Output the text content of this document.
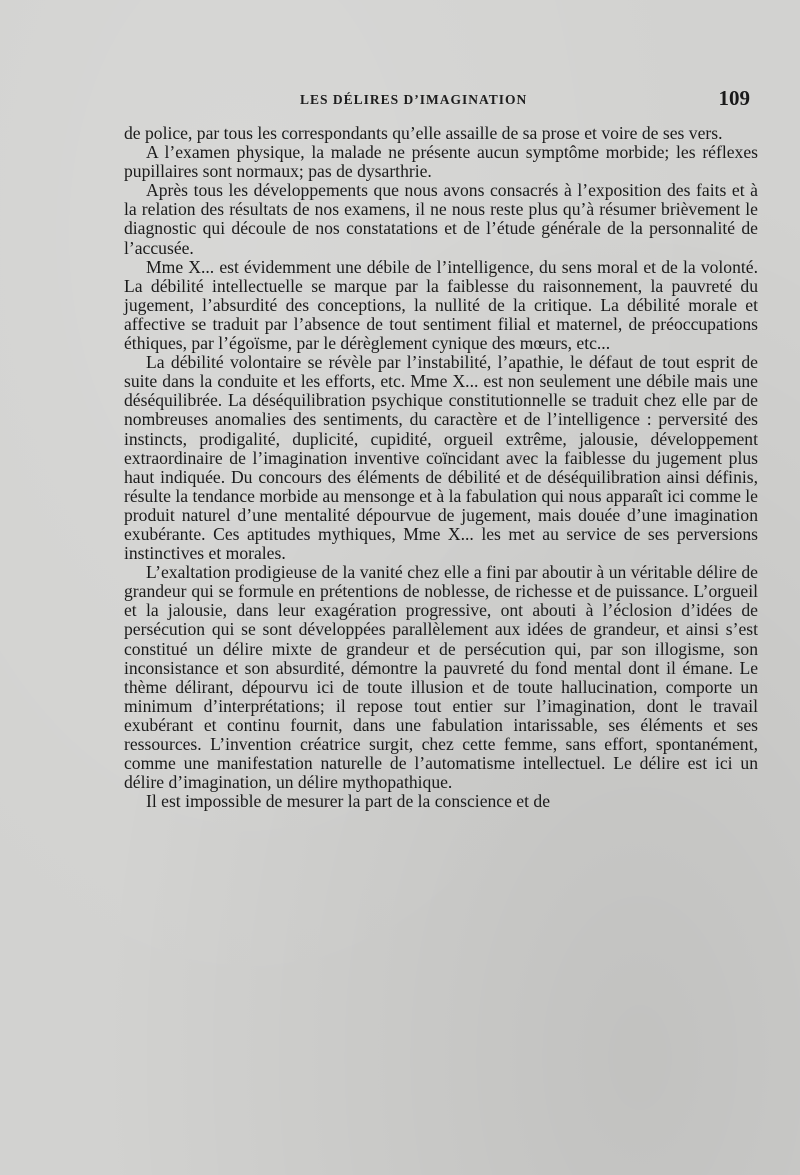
LES DÉLIRES D’IMAGINATION	109

de police, par tous les correspondants qu’elle assaille de sa prose et voire de ses vers.

A l’examen physique, la malade ne présente aucun symptôme morbide; les réflexes pupillaires sont normaux; pas de dysarthrie.

Après tous les développements que nous avons consacrés à l’exposition des faits et à la relation des résultats de nos examens, il ne nous reste plus qu’à résumer brièvement le diagnostic qui découle de nos constatations et de l’étude générale de la personnalité de l’accusée.

Mme X... est évidemment une débile de l’intelligence, du sens moral et de la volonté. La débilité intellectuelle se marque par la faiblesse du raisonnement, la pauvreté du jugement, l’absurdité des conceptions, la nullité de la critique. La débilité morale et affective se traduit par l’absence de tout sentiment filial et maternel, de préoccupations éthiques, par l’égoïsme, par le dérèglement cynique des mœurs, etc...

La débilité volontaire se révèle par l’instabilité, l’apathie, le défaut de tout esprit de suite dans la conduite et les efforts, etc. Mme X... est non seulement une débile mais une déséquilibrée. La déséquilibration psychique constitutionnelle se traduit chez elle par de nombreuses anomalies des sentiments, du caractère et de l’intelligence : perversité des instincts, prodigalité, duplicité, cupidité, orgueil extrême, jalousie, développement extraordinaire de l’imagination inventive coïncidant avec la faiblesse du jugement plus haut indiquée. Du concours des éléments de débilité et de déséquilibration ainsi définis, résulte la tendance morbide au mensonge et à la fabulation qui nous apparaît ici comme le produit naturel d’une mentalité dépourvue de jugement, mais douée d’une imagination exubérante. Ces aptitudes mythiques, Mme X... les met au service de ses perversions instinctives et morales.

L’exaltation prodigieuse de la vanité chez elle a fini par aboutir à un véritable délire de grandeur qui se formule en prétentions de noblesse, de richesse et de puissance. L’orgueil et la jalousie, dans leur exagération progressive, ont abouti à l’éclosion d’idées de persécution qui se sont développées parallèlement aux idées de grandeur, et ainsi s’est constitué un délire mixte de grandeur et de persécution qui, par son illogisme, son inconsistance et son absurdité, démontre la pauvreté du fond mental dont il émane. Le thème délirant, dépourvu ici de toute illusion et de toute hallucination, comporte un minimum d’interprétations; il repose tout entier sur l’imagination, dont le travail exubérant et continu fournit, dans une fabulation intarissable, ses éléments et ses ressources. L’invention créatrice surgit, chez cette femme, sans effort, spontanément, comme une manifestation naturelle de l’automatisme intellectuel. Le délire est ici un délire d’imagination, un délire mythopathique.

Il est impossible de mesurer la part de la conscience et de
